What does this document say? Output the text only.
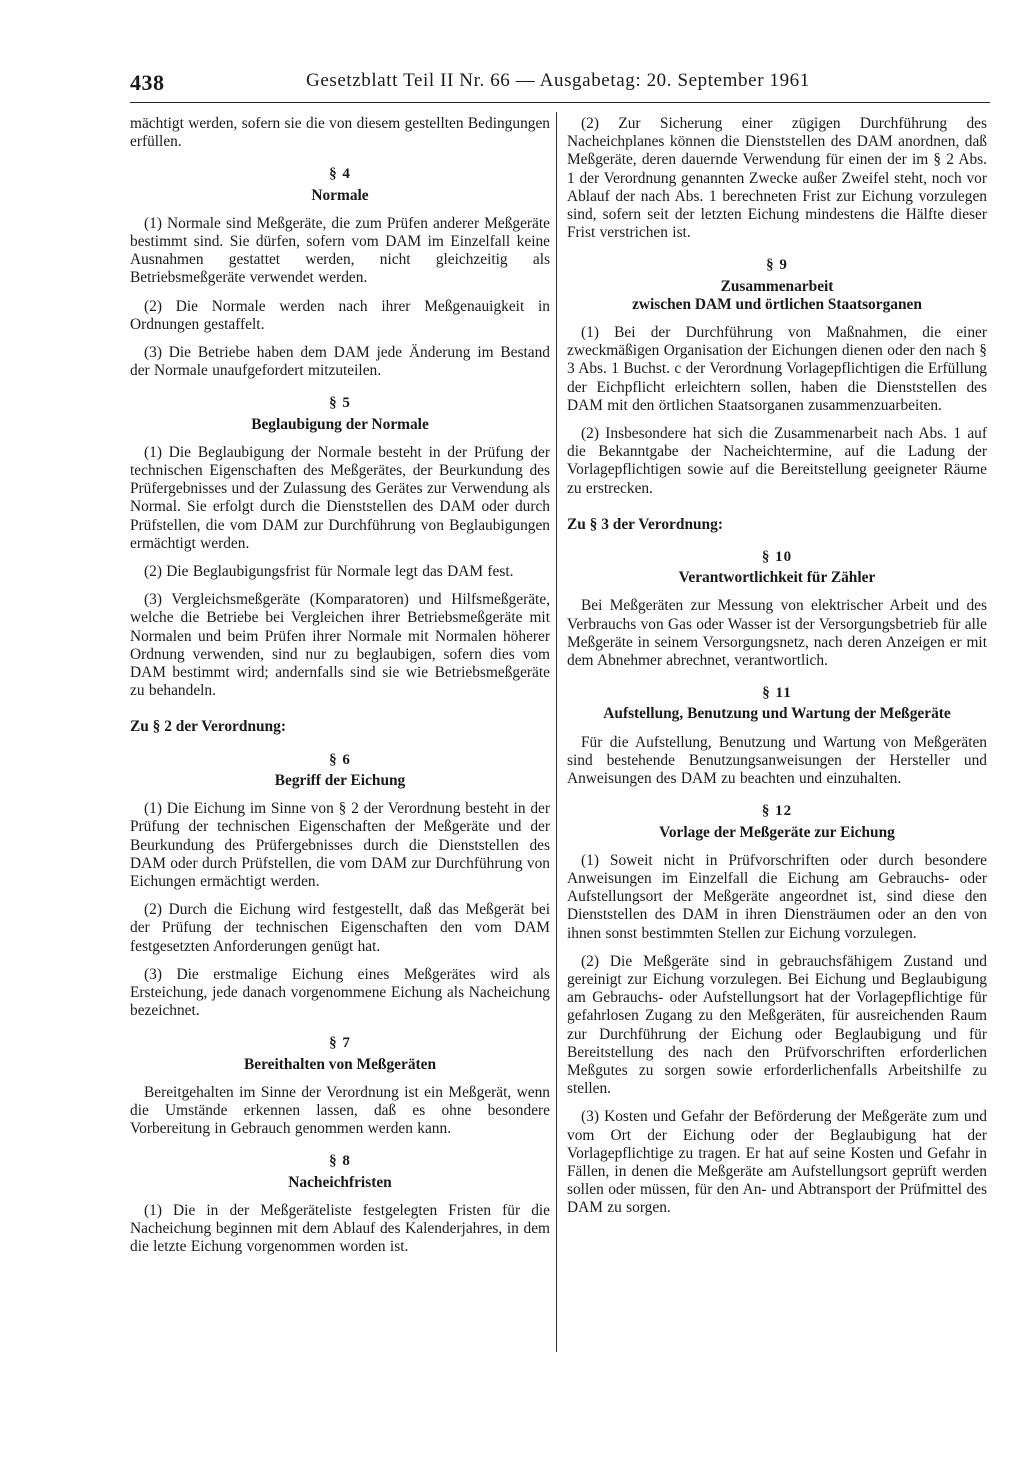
438	Gesetzblatt Teil II Nr. 66 — Ausgabetag: 20. September 1961

mächtigt werden, sofern sie die von diesem gestellten Bedingungen erfüllen.

§ 4
Normale

(1) Normale sind Meßgeräte, die zum Prüfen anderer Meßgeräte bestimmt sind. Sie dürfen, sofern vom DAM im Einzelfall keine Ausnahmen gestattet werden, nicht gleichzeitig als Betriebsmeßgeräte verwendet werden.

(2) Die Normale werden nach ihrer Meßgenauigkeit in Ordnungen gestaffelt.

(3) Die Betriebe haben dem DAM jede Änderung im Bestand der Normale unaufgefordert mitzuteilen.

§ 5
Beglaubigung der Normale

(1) Die Beglaubigung der Normale besteht in der Prüfung der technischen Eigenschaften des Meßgerätes, der Beurkundung des Prüfergebnisses und der Zulassung des Gerätes zur Verwendung als Normal. Sie erfolgt durch die Dienststellen des DAM oder durch Prüfstellen, die vom DAM zur Durchführung von Beglaubigungen ermächtigt werden.

(2) Die Beglaubigungsfrist für Normale legt das DAM fest.

(3) Vergleichsmeßgeräte (Komparatoren) und Hilfsmeßgeräte, welche die Betriebe bei Vergleichen ihrer Betriebsmeßgeräte mit Normalen und beim Prüfen ihrer Normale mit Normalen höherer Ordnung verwenden, sind nur zu beglaubigen, sofern dies vom DAM bestimmt wird; andernfalls sind sie wie Betriebsmeßgeräte zu behandeln.

Zu § 2 der Verordnung:
§ 6
Begriff der Eichung

(1) Die Eichung im Sinne von § 2 der Verordnung besteht in der Prüfung der technischen Eigenschaften der Meßgeräte und der Beurkundung des Prüfergebnisses durch die Dienststellen des DAM oder durch Prüfstellen, die vom DAM zur Durchführung von Eichungen ermächtigt werden.

(2) Durch die Eichung wird festgestellt, daß das Meßgerät bei der Prüfung der technischen Eigenschaften den vom DAM festgesetzten Anforderungen genügt hat.

(3) Die erstmalige Eichung eines Meßgerätes wird als Ersteichung, jede danach vorgenommene Eichung als Nacheichung bezeichnet.

§ 7
Bereithalten von Meßgeräten

Bereitgehalten im Sinne der Verordnung ist ein Meßgerät, wenn die Umstände erkennen lassen, daß es ohne besondere Vorbereitung in Gebrauch genommen werden kann.

§ 8
Nacheichfristen

(1) Die in der Meßgeräteliste festgelegten Fristen für die Nacheichung beginnen mit dem Ablauf des Kalenderjahres, in dem die letzte Eichung vorgenommen worden ist.

(2) Zur Sicherung einer zügigen Durchführung des Nacheichplanes können die Dienststellen des DAM anordnen, daß Meßgeräte, deren dauernde Verwendung für einen der im § 2 Abs. 1 der Verordnung genannten Zwecke außer Zweifel steht, noch vor Ablauf der nach Abs. 1 berechneten Frist zur Eichung vorzulegen sind, sofern seit der letzten Eichung mindestens die Hälfte dieser Frist verstrichen ist.

§ 9
Zusammenarbeit
zwischen DAM und örtlichen Staatsorganen

(1) Bei der Durchführung von Maßnahmen, die einer zweckmäßigen Organisation der Eichungen dienen oder den nach § 3 Abs. 1 Buchst. c der Verordnung Vorlagepflichtigen die Erfüllung der Eichpflicht erleichtern sollen, haben die Dienststellen des DAM mit den örtlichen Staatsorganen zusammenzuarbeiten.

(2) Insbesondere hat sich die Zusammenarbeit nach Abs. 1 auf die Bekanntgabe der Nacheichtermine, auf die Ladung der Vorlagepflichtigen sowie auf die Bereitstellung geeigneter Räume zu erstrecken.

Zu § 3 der Verordnung:
§ 10
Verantwortlichkeit für Zähler

Bei Meßgeräten zur Messung von elektrischer Arbeit und des Verbrauchs von Gas oder Wasser ist der Versorgungsbetrieb für alle Meßgeräte in seinem Versorgungsnetz, nach deren Anzeigen er mit dem Abnehmer abrechnet, verantwortlich.

§ 11
Aufstellung, Benutzung und Wartung der Meßgeräte

Für die Aufstellung, Benutzung und Wartung von Meßgeräten sind bestehende Benutzungsanweisungen der Hersteller und Anweisungen des DAM zu beachten und einzuhalten.

§ 12
Vorlage der Meßgeräte zur Eichung

(1) Soweit nicht in Prüfvorschriften oder durch besondere Anweisungen im Einzelfall die Eichung am Gebrauchs- oder Aufstellungsort der Meßgeräte angeordnet ist, sind diese den Dienststellen des DAM in ihren Diensträumen oder an den von ihnen sonst bestimmten Stellen zur Eichung vorzulegen.

(2) Die Meßgeräte sind in gebrauchsfähigem Zustand und gereinigt zur Eichung vorzulegen. Bei Eichung und Beglaubigung am Gebrauchs- oder Aufstellungsort hat der Vorlagepflichtige für gefahrlosen Zugang zu den Meßgeräten, für ausreichenden Raum zur Durchführung der Eichung oder Beglaubigung und für Bereitstellung des nach den Prüfvorschriften erforderlichen Meßgutes zu sorgen sowie erforderlichenfalls Arbeitshilfe zu stellen.

(3) Kosten und Gefahr der Beförderung der Meßgeräte zum und vom Ort der Eichung oder der Beglaubigung hat der Vorlagepflichtige zu tragen. Er hat auf seine Kosten und Gefahr in Fällen, in denen die Meßgeräte am Aufstellungsort geprüft werden sollen oder müssen, für den An- und Abtransport der Prüfmittel des DAM zu sorgen.
